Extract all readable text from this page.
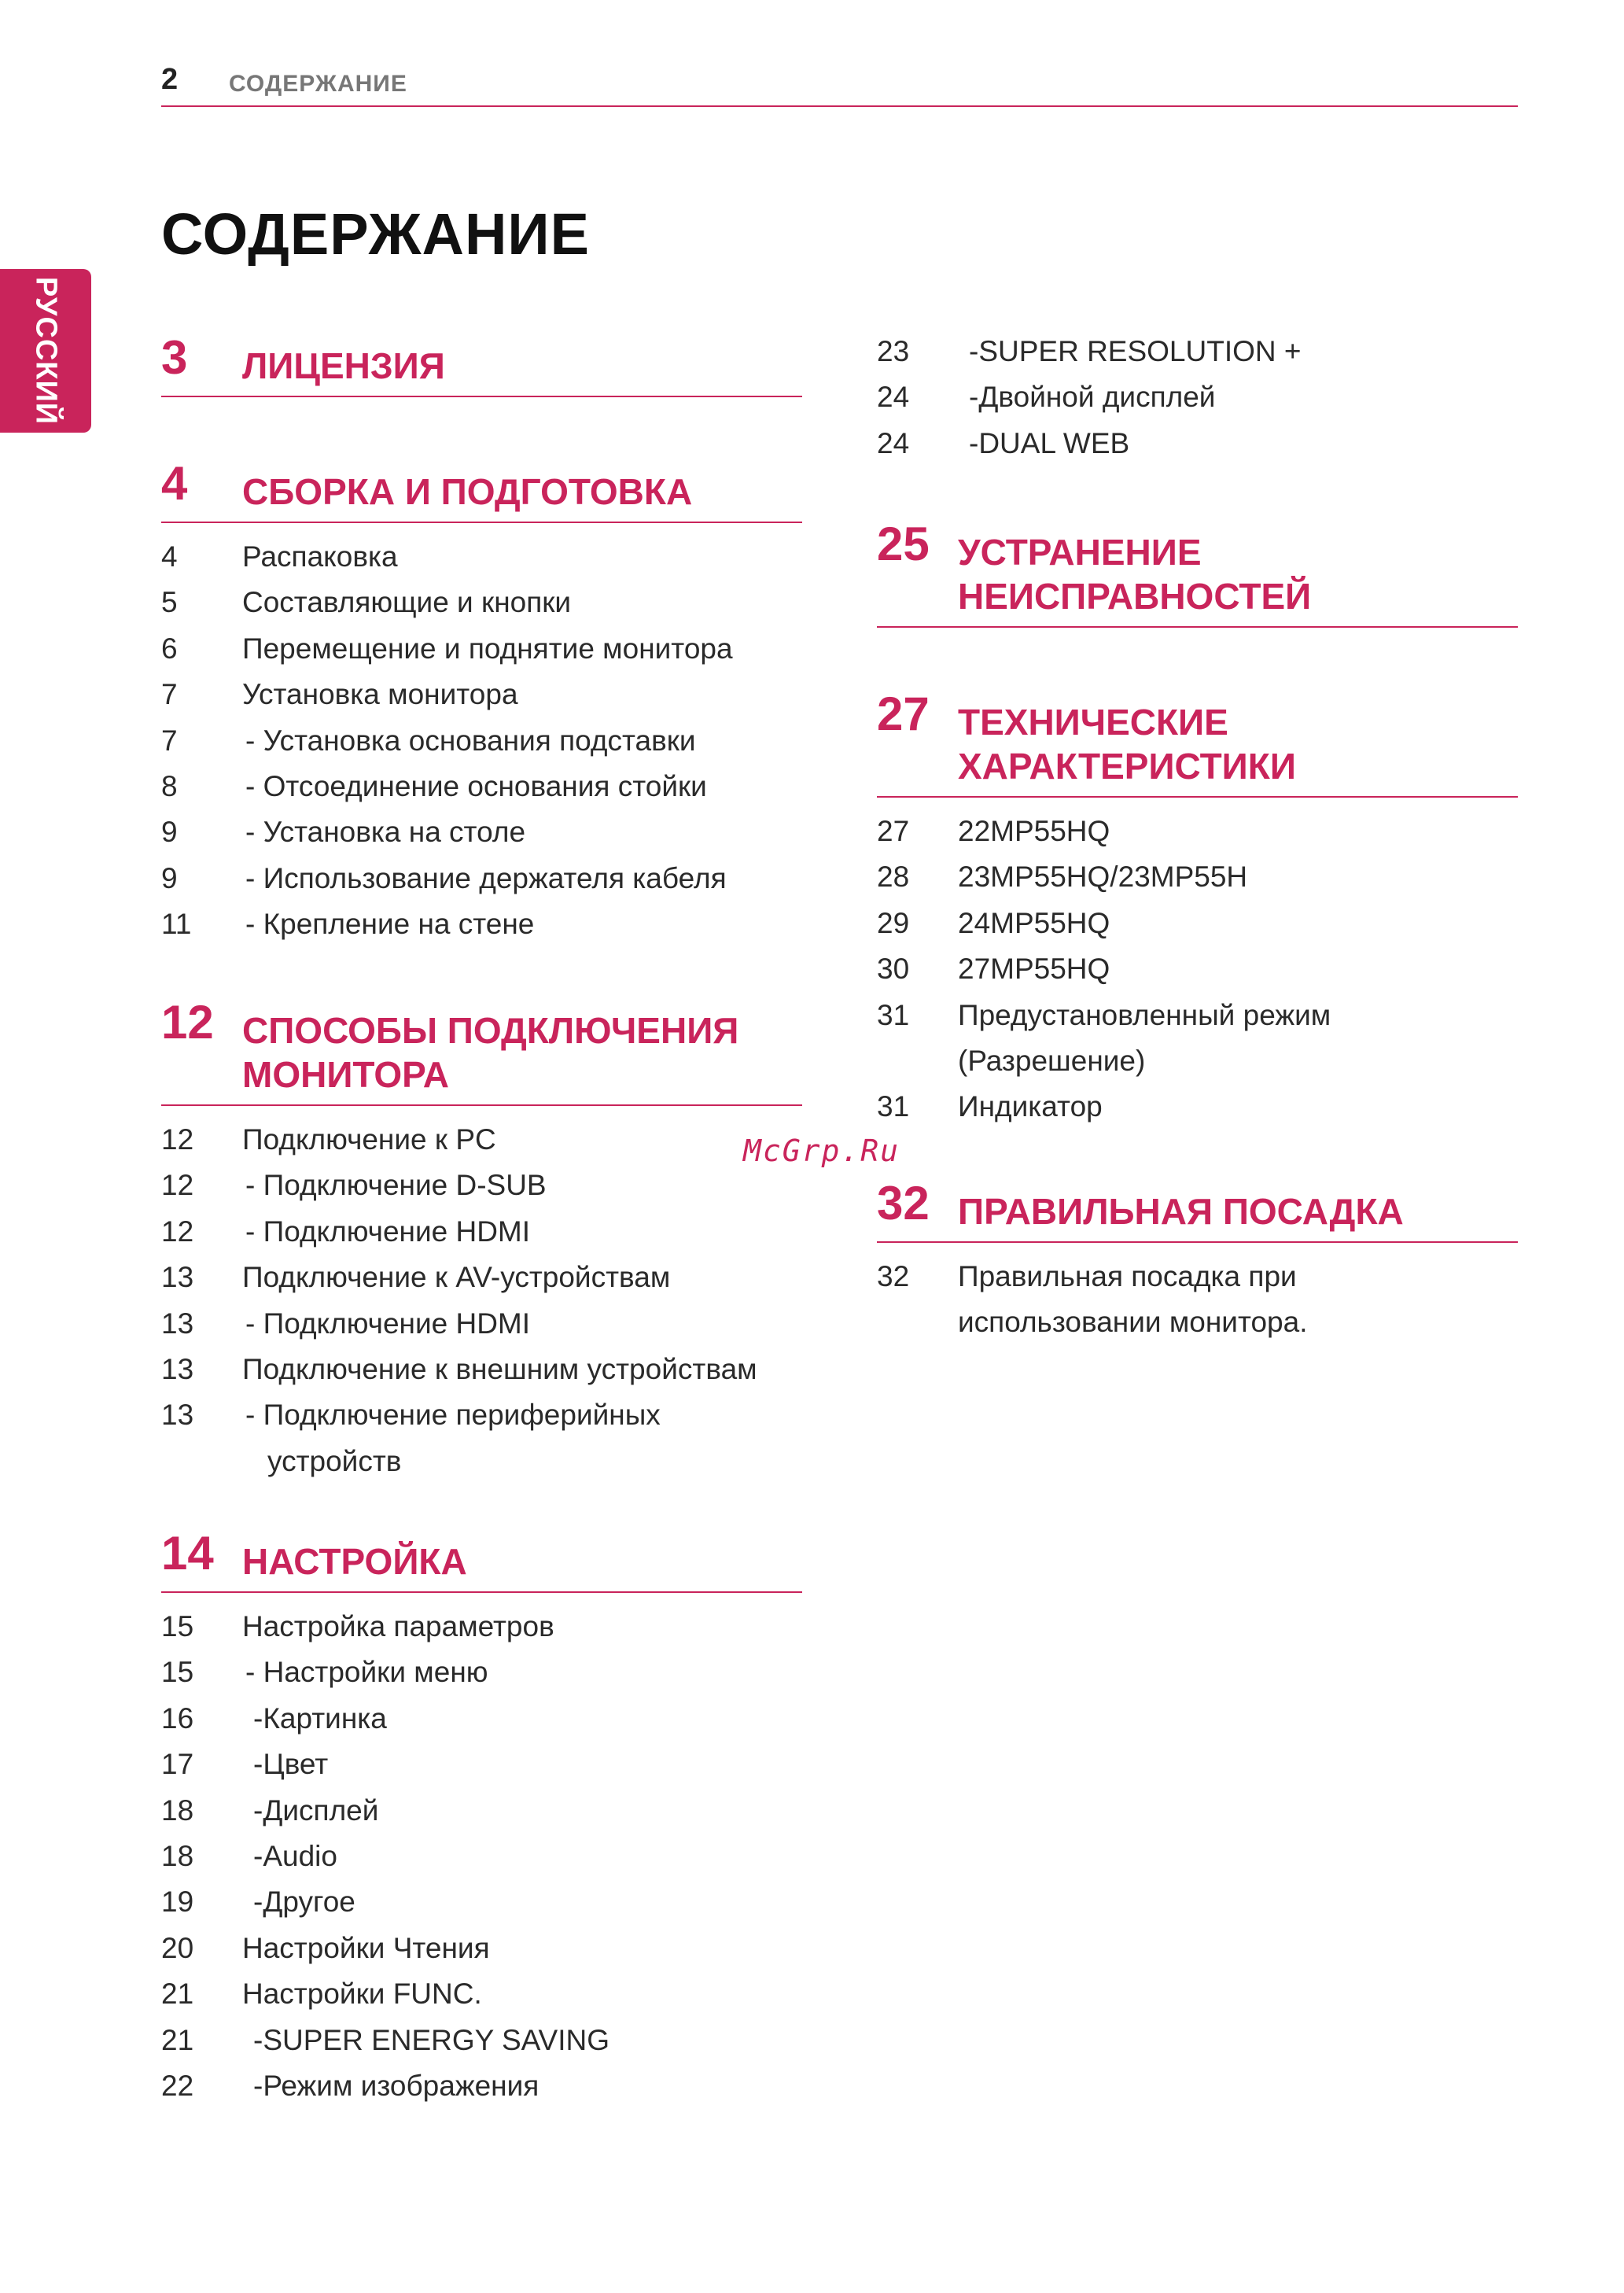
2 СОДЕРЖАНИЕ
РУССКИЙ
СОДЕРЖАНИЕ
3 ЛИЦЕНЗИЯ
4 СБОРКА И ПОДГОТОВКА
4 Распаковка
5 Составляющие и кнопки
6 Перемещение и поднятие монитора
7 Установка монитора
7 - Установка основания подставки
8 - Отсоединение основания стойки
9 - Установка на столе
9 - Использование держателя кабеля
11 - Крепление на стене
12 СПОСОБЫ ПОДКЛЮЧЕНИЯ
МОНИТОРА
12 Подключение к PC
12 - Подключение D-SUB
12 - Подключение HDMI
13 Подключение к AV-устройствам
13 - Подключение HDMI
13 Подключение к внешним устройствам
13 - Подключение периферийных
устройств
14 НАСТРОЙКА
15 Настройка параметров
15 - Настройки меню
16 -Картинка
17 -Цвет
18 -Дисплей
18 -Audio
19 -Другое
20 Настройки Чтения
21 Настройки FUNC.
21 -SUPER ENERGY SAVING
22 -Режим изображения
23 -SUPER RESOLUTION +
24 -Двойной дисплей
24 -DUAL WEB
25 УСТРАНЕНИЕ
НЕИСПРАВНОСТЕЙ
27 ТЕХНИЧЕСКИЕ
ХАРАКТЕРИСТИКИ
27 22MP55HQ
28 23MP55HQ/23MP55H
29 24MP55HQ
30 27MP55HQ
31 Предустановленный режим
(Разрешение)
31 Индикатор
32 ПРАВИЛЬНАЯ ПОСАДКА
32 Правильная посадка при
использовании монитора.
McGrp.Ru
